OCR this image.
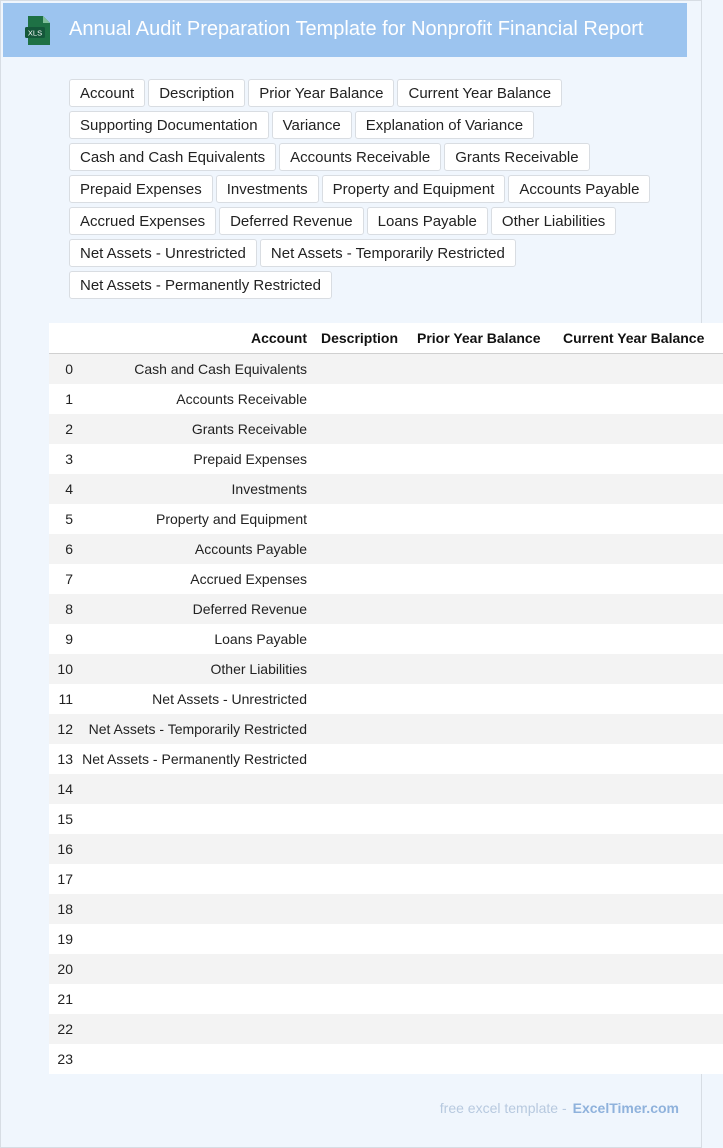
XLS Annual Audit Preparation Template for Nonprofit Financial Report
Account	Description	Prior Year Balance	Current Year Balance
Supporting Documentation	Variance	Explanation of Variance
Cash and Cash Equivalents	Accounts Receivable	Grants Receivable
Prepaid Expenses	Investments	Property and Equipment	Accounts Payable
Accrued Expenses	Deferred Revenue	Loans Payable	Other Liabilities
Net Assets - Unrestricted	Net Assets - Temporarily Restricted
Net Assets - Permanently Restricted
	Account	Description	Prior Year Balance	Current Year Balance
0	Cash and Cash Equivalents			
1	Accounts Receivable			
2	Grants Receivable			
3	Prepaid Expenses			
4	Investments			
5	Property and Equipment			
6	Accounts Payable			
7	Accrued Expenses			
8	Deferred Revenue			
9	Loans Payable			
10	Other Liabilities			
11	Net Assets - Unrestricted			
12	Net Assets - Temporarily Restricted			
13	Net Assets - Permanently Restricted			
14				
15				
16				
17				
18				
19				
20				
21				
22				
23				
free excel template - ExcelTimer.com
